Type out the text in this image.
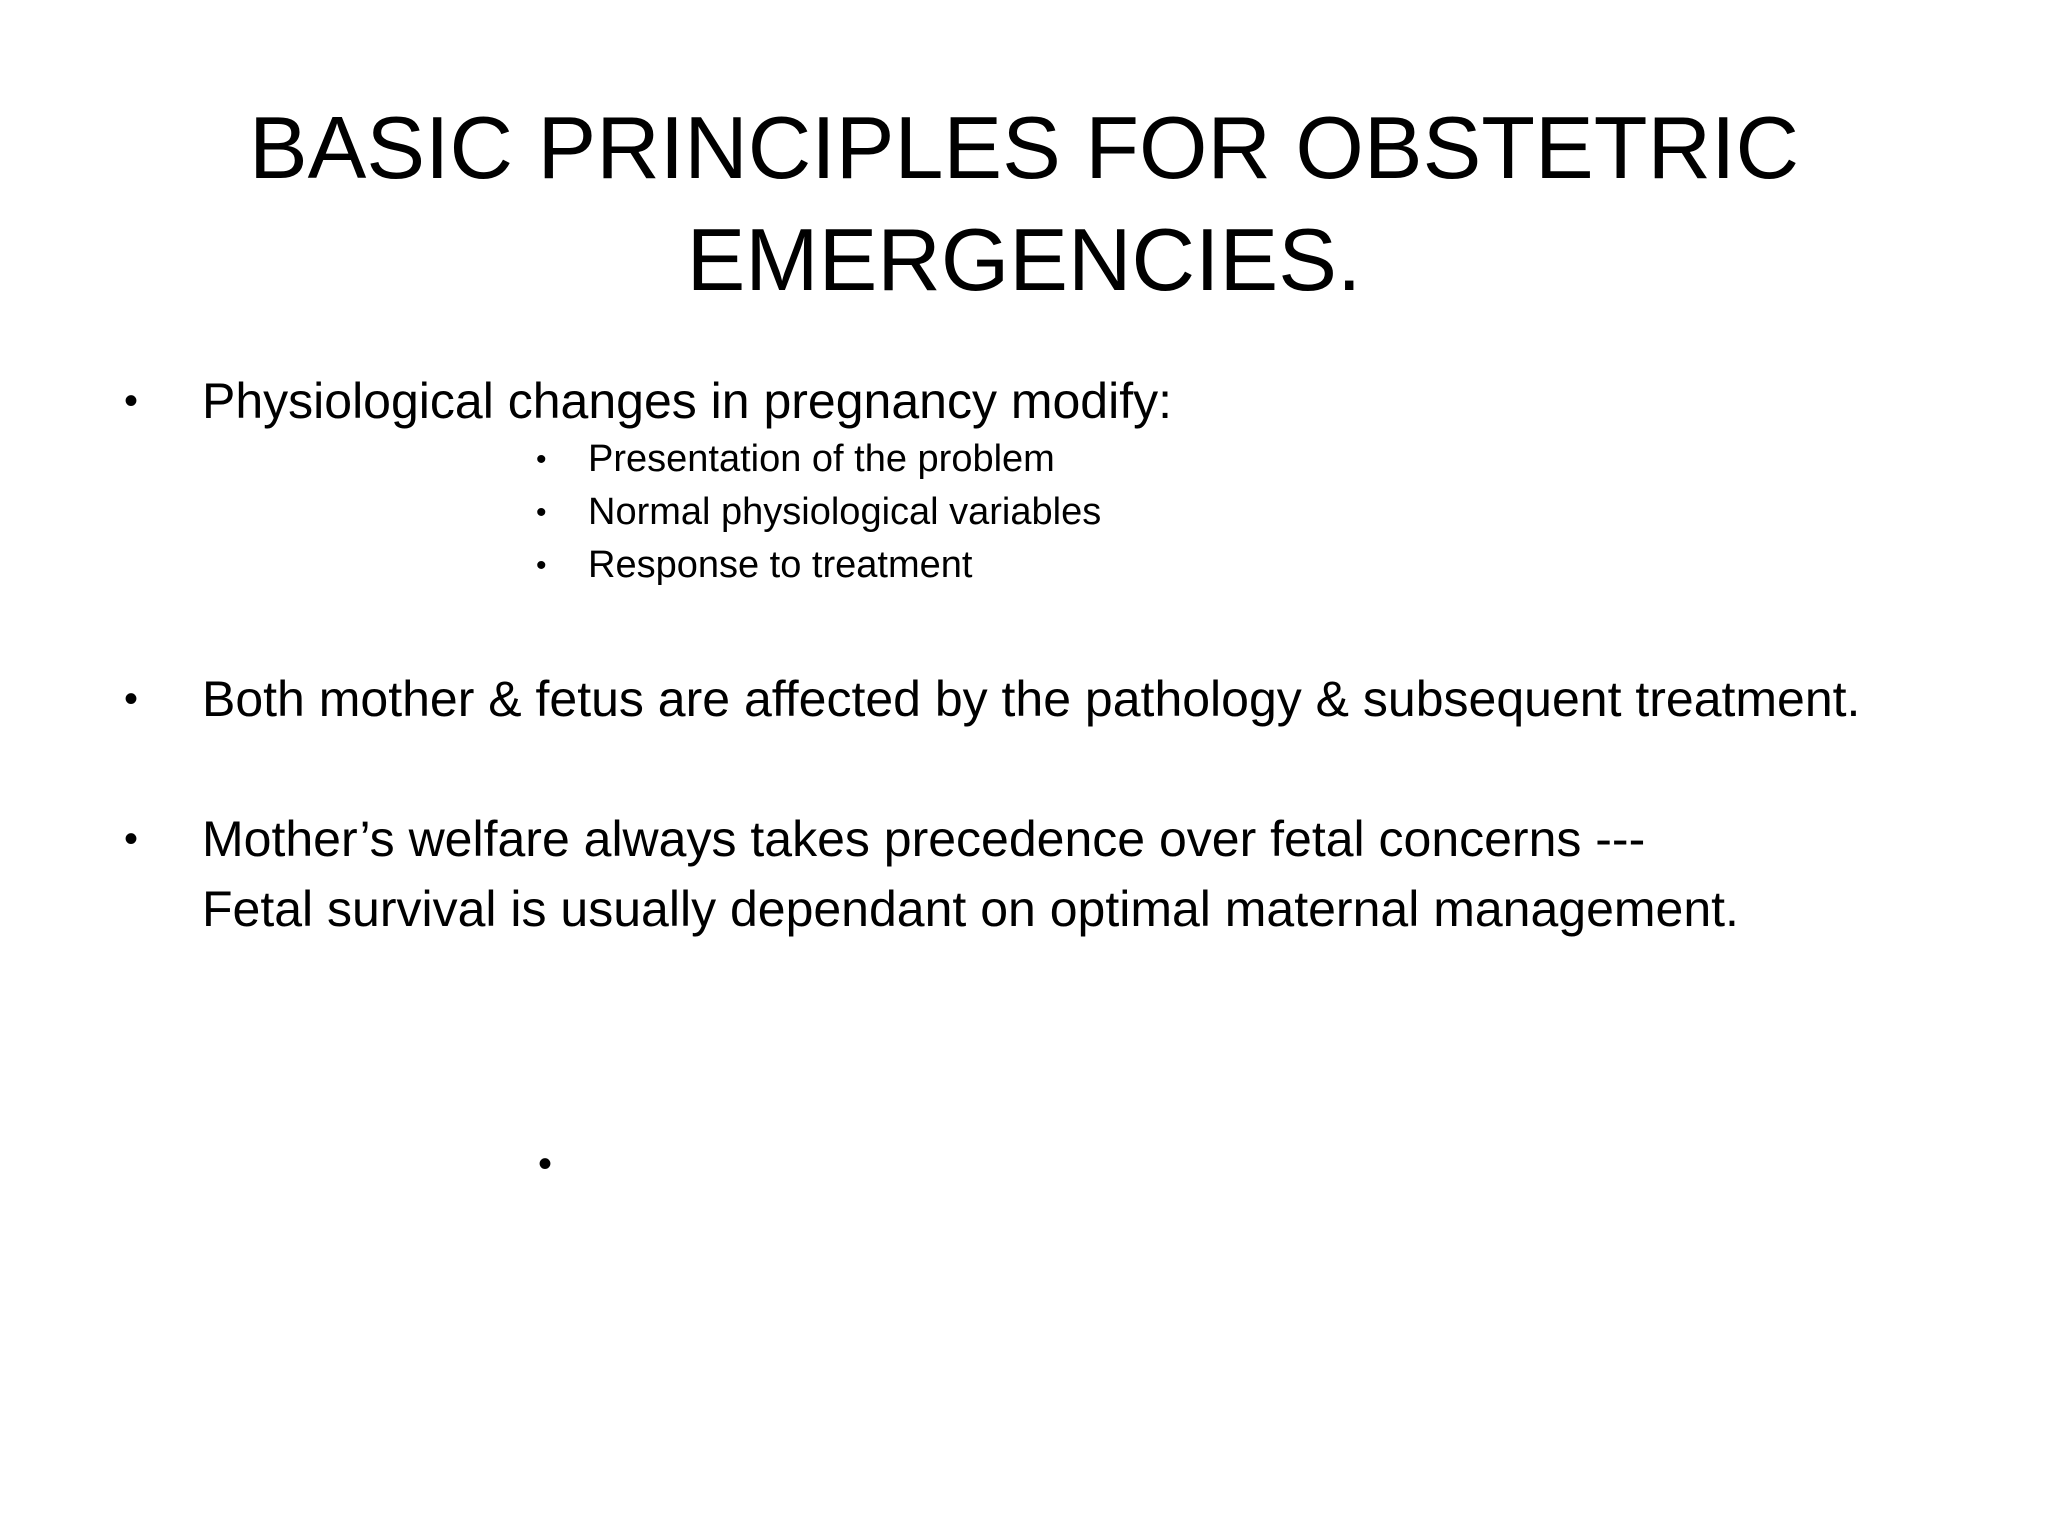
BASIC PRINCIPLES FOR OBSTETRIC
EMERGENCIES.
• Physiological changes in pregnancy modify:
• Presentation of the problem
• Normal physiological variables
• Response to treatment
• Both mother & fetus are affected by the pathology & subsequent treatment.
• Mother’s welfare always takes precedence over fetal concerns ---
Fetal survival is usually dependant on optimal maternal management.
•
